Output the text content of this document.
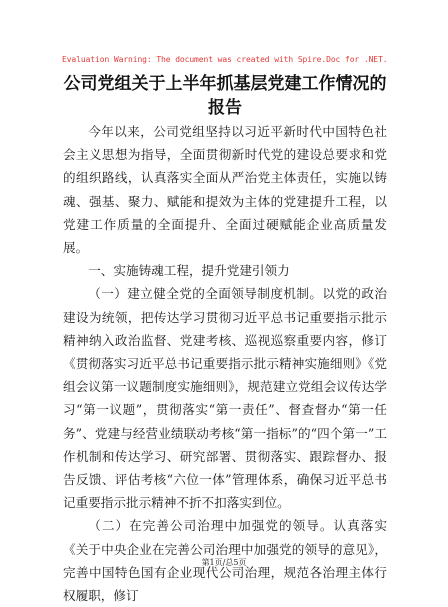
Evaluation Warning: The document was created with Spire.Doc for .NET.
公司党组关于上半年抓基层党建工作情况的报告

今年以来，公司党组坚持以习近平新时代中国特色社会主义思想为指导，全面贯彻新时代党的建设总要求和党的组织路线，认真落实全面从严治党主体责任，实施以铸魂、强基、聚力、赋能和提效为主体的党建提升工程，以党建工作质量的全面提升、全面过硬赋能企业高质量发展。

一、实施铸魂工程，提升党建引领力

（一）建立健全党的全面领导制度机制。以党的政治建设为统领，把传达学习贯彻习近平总书记重要指示批示精神纳入政治监督、党建考核、巡视巡察重要内容，修订《贯彻落实习近平总书记重要指示批示精神实施细则》《党组会议第一议题制度实施细则》，规范建立党组会议传达学习“第一议题”，贯彻落实“第一责任”、督查督办“第一任务”、党建与经营业绩联动考核“第一指标”的“四个第一”工作机制和传达学习、研究部署、贯彻落实、跟踪督办、报告反馈、评估考核“六位一体”管理体系，确保习近平总书记重要指示批示精神不折不扣落实到位。

（二）在完善公司治理中加强党的领导。认真落实《关于中央企业在完善公司治理中加强党的领导的意见》，完善中国特色国有企业现代公司治理，规范各治理主体行权履职，修订

第1页/总5页
